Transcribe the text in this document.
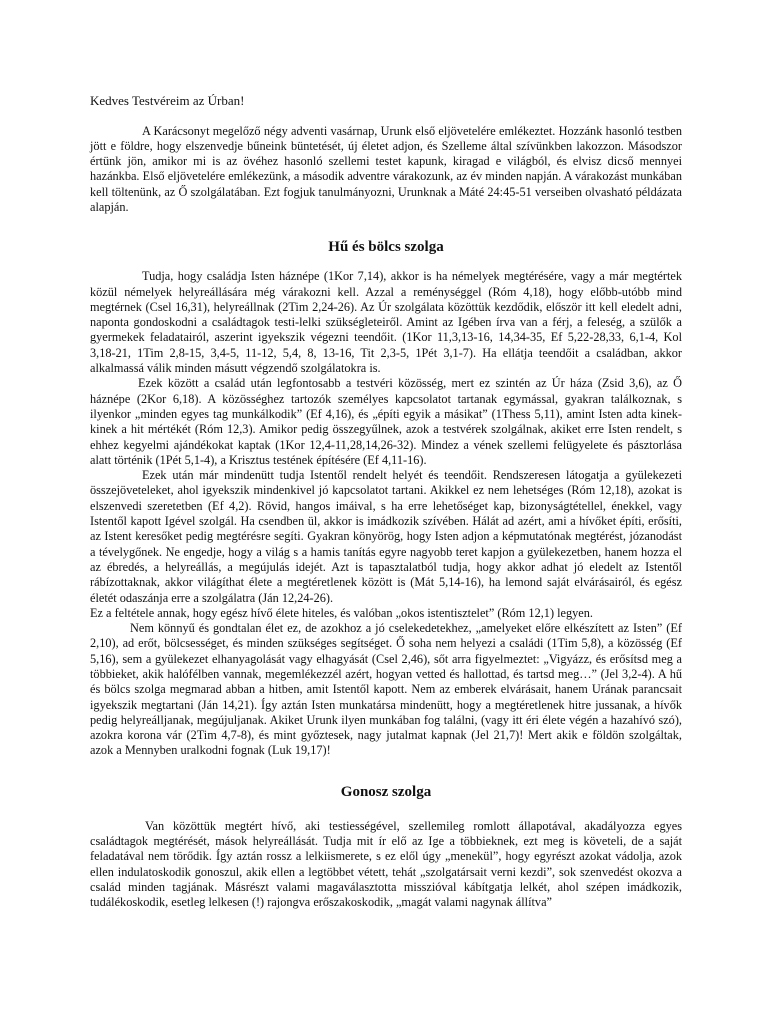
Kedves Testvéreim az Úrban!

A Karácsonyt megelőző négy adventi vasárnap, Urunk első eljövetelére emlékeztet. Hozzánk hasonló testben jött e földre, hogy elszenvedje bűneink büntetését, új életet adjon, és Szelleme által szívünkben lakozzon. Másodszor értünk jön, amikor mi is az övéhez hasonló szellemi testet kapunk, kiragad e világból, és elvisz dicső mennyei hazánkba. Első eljövetelére emlékezünk, a második adventre várakozunk, az év minden napján. A várakozást munkában kell töltenünk, az Ő szolgálatában. Ezt fogjuk tanulmányozni, Urunknak a Máté 24:45-51 verseiben olvasható példázata alapján.

Hű és bölcs szolga

Tudja, hogy családja Isten háznépe (1Kor 7,14), akkor is ha némelyek megtérésére, vagy a már megtértek közül némelyek helyreállására még várakozni kell. Azzal a reménységgel (Róm 4,18), hogy előbb-utóbb mind megtérnek (Csel 16,31), helyreállnak (2Tim 2,24-26). Az Úr szolgálata közöttük kezdődik, először itt kell eledelt adni, naponta gondoskodni a családtagok testi-lelki szükségleteiről. Amint az Igében írva van a férj, a feleség, a szülők a gyermekek feladatairól, aszerint igyekszik végezni teendőit. (1Kor 11,3,13-16, 14,34-35, Ef 5,22-28,33, 6,1-4, Kol 3,18-21, 1Tim 2,8-15, 3,4-5, 11-12, 5,4, 8, 13-16, Tit 2,3-5, 1Pét 3,1-7). Ha ellátja teendőit a családban, akkor alkalmassá válik minden másutt végzendő szolgálatokra is.

Ezek között a család után legfontosabb a testvéri közösség, mert ez szintén az Úr háza (Zsid 3,6), az Ő háznépe (2Kor 6,18). A közösséghez tartozók személyes kapcsolatot tartanak egymással, gyakran találkoznak, s ilyenkor „minden egyes tag munkálkodik” (Ef 4,16), és „építi egyik a másikat” (1Thess 5,11), amint Isten adta kinek-kinek a hit mértékét (Róm 12,3). Amikor pedig összegyűlnek, azok a testvérek szolgálnak, akiket erre Isten rendelt, s ehhez kegyelmi ajándékokat kaptak (1Kor 12,4-11,28,14,26-32). Mindez a vének szellemi felügyelete és pásztorlása alatt történik (1Pét 5,1-4), a Krisztus testének építésére (Ef 4,11-16).

Ezek után már mindenütt tudja Istentől rendelt helyét és teendőit. Rendszeresen látogatja a gyülekezeti összejöveteleket, ahol igyekszik mindenkivel jó kapcsolatot tartani. Akikkel ez nem lehetséges (Róm 12,18), azokat is elszenvedi szeretetben (Ef 4,2). Rövid, hangos imáival, s ha erre lehetőséget kap, bizonyságtétellel, énekkel, vagy Istentől kapott Igével szolgál. Ha csendben ül, akkor is imádkozik szívében. Hálát ad azért, ami a hívőket építi, erősíti, az Istent keresőket pedig megtérésre segíti. Gyakran könyörög, hogy Isten adjon a képmutatónak megtérést, józanodást a tévelygőnek. Ne engedje, hogy a világ s a hamis tanítás egyre nagyobb teret kapjon a gyülekezetben, hanem hozza el az ébredés, a helyreállás, a megújulás idejét. Azt is tapasztalatból tudja, hogy akkor adhat jó eledelt az Istentől rábízottaknak, akkor világíthat élete a megtéretlenek között is (Mát 5,14-16), ha lemond saját elvárásairól, és egész életét odaszánja erre a szolgálatra (Ján 12,24-26).

Ez a feltétele annak, hogy egész hívő élete hiteles, és valóban „okos istentisztelet” (Róm 12,1) legyen.

Nem könnyű és gondtalan élet ez, de azokhoz a jó cselekedetekhez, „amelyeket előre elkészített az Isten” (Ef 2,10), ad erőt, bölcsességet, és minden szükséges segítséget. Ő soha nem helyezi a családi (1Tim 5,8), a közösség (Ef 5,16), sem a gyülekezet elhanyagolását vagy elhagyását (Csel 2,46), sőt arra figyelmeztet: „Vigyázz, és erősítsd meg a többieket, akik halófélben vannak, megemlékezzél azért, hogyan vetted és hallottad, és tartsd meg…” (Jel 3,2-4). A hű és bölcs szolga megmarad abban a hitben, amit Istentől kapott. Nem az emberek elvárásait, hanem Urának parancsait igyekszik megtartani (Ján 14,21). Így aztán Isten munkatársa mindenütt, hogy a megtéretlenek hitre jussanak, a hívők pedig helyreálljanak, megújuljanak. Akiket Urunk ilyen munkában fog találni, (vagy itt éri élete végén a hazahívó szó), azokra korona vár (2Tim 4,7-8), és mint győztesek, nagy jutalmat kapnak (Jel 21,7)! Mert akik e földön szolgáltak, azok a Mennyben uralkodni fognak (Luk 19,17)!

Gonosz szolga

Van közöttük megtért hívő, aki testiességével, szellemileg romlott állapotával, akadályozza egyes családtagok megtérését, mások helyreállását. Tudja mit ír elő az Ige a többieknek, ezt meg is követeli, de a saját feladatával nem törődik. Így aztán rossz a lelkiismerete, s ez elől úgy „menekül”, hogy egyrészt azokat vádolja, azok ellen indulatoskodik gonoszul, akik ellen a legtöbbet vétett, tehát „szolgatársait verni kezdi”, sok szenvedést okozva a család minden tagjának. Másrészt valami magaválasztotta misszióval kábítgatja lelkét, ahol szépen imádkozik, tudálékoskodik, esetleg lelkesen (!) rajongva erőszakoskodik, „magát valami nagynak állítva”
